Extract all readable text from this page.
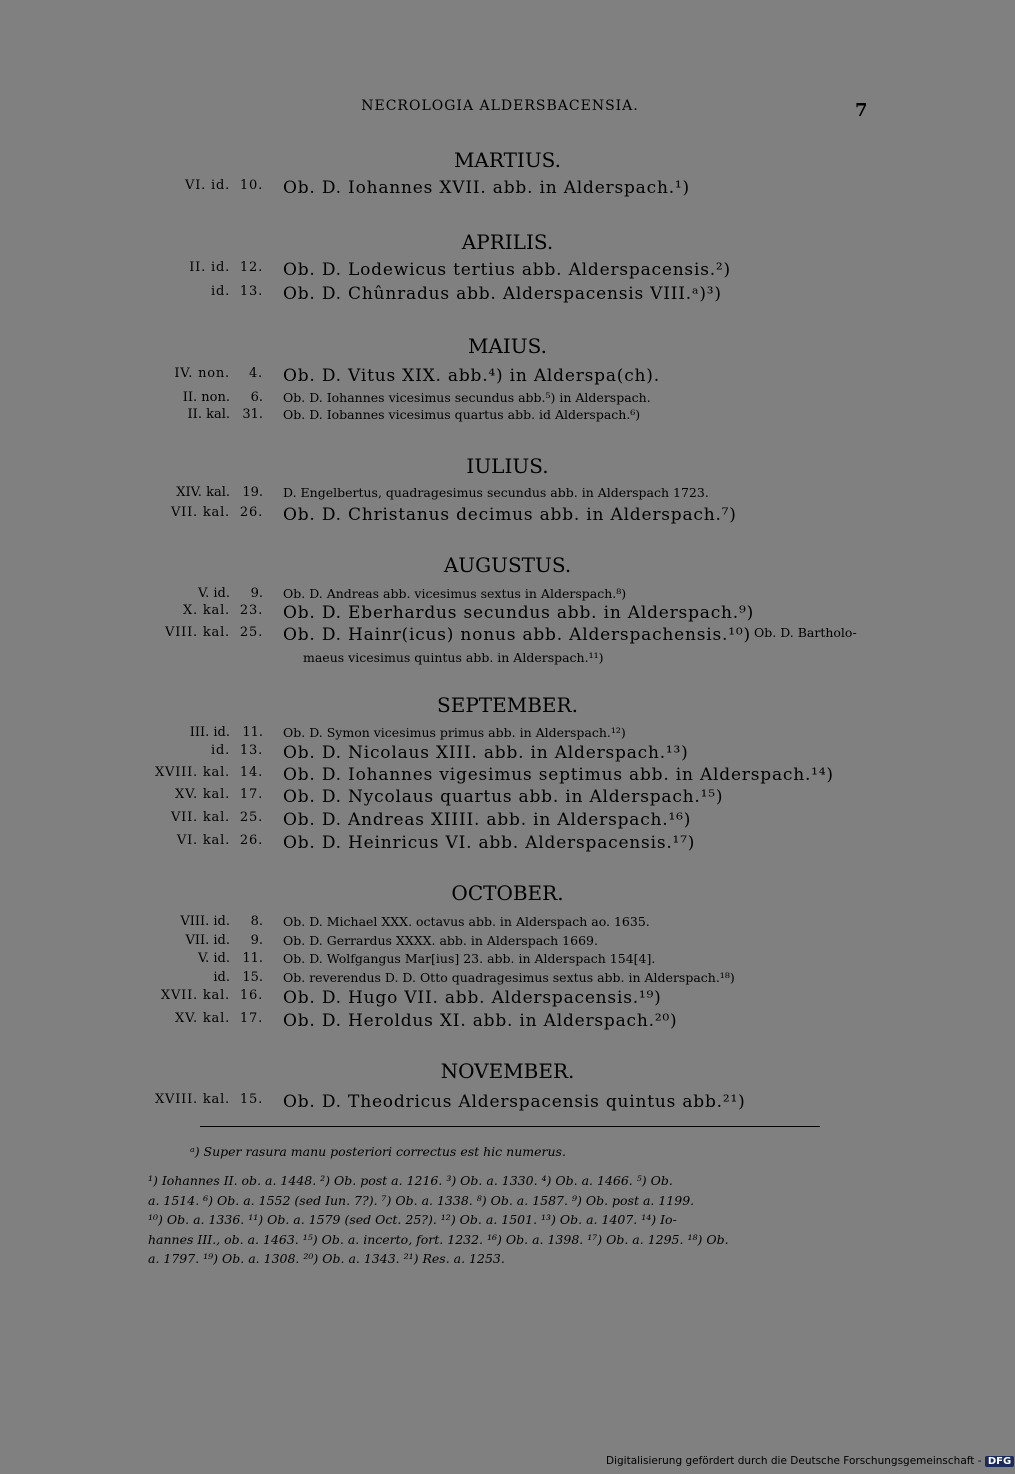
NECROLOGIA ALDERSBACENSIA.	7
MARTIUS.
VI. id. 10. Ob. D. Iohannes XVII. abb. in Alderspach.¹)
APRILIS.
II. id. 12. Ob. D. Lodewicus tertius abb. Alderspacensis.²)
id. 13. Ob. D. Chûnradus abb. Alderspacensis VIII.ᵃ)³)
MAIUS.
IV. non. 4. Ob. D. Vitus XIX. abb.⁴) in Alderspa(ch).
II. non. 6. Ob. D. Iohannes vicesimus secundus abb.⁵) in Alderspach.
II. kal. 31. Ob. D. Iobannes vicesimus quartus abb. id Alderspach.⁶)
IULIUS.
XIV. kal. 19. D. Engelbertus, quadragesimus secundus abb. in Alderspach 1723.
VII. kal. 26. Ob. D. Christanus decimus abb. in Alderspach.⁷)
AUGUSTUS.
V. id. 9. Ob. D. Andreas abb. vicesimus sextus in Alderspach.⁸)
X. kal. 23. Ob. D. Eberhardus secundus abb. in Alderspach.⁹)
VIII. kal. 25. Ob. D. Hainr(icus) nonus abb. Alderspachensis.¹⁰) Ob. D. Bartholo-
maeus vicesimus quintus abb. in Alderspach.¹¹)
SEPTEMBER.
III. id. 11. Ob. D. Symon vicesimus primus abb. in Alderspach.¹²)
id. 13. Ob. D. Nicolaus XIII. abb. in Alderspach.¹³)
XVIII. kal. 14. Ob. D. Iohannes vigesimus septimus abb. in Alderspach.¹⁴)
XV. kal. 17. Ob. D. Nycolaus quartus abb. in Alderspach.¹⁵)
VII. kal. 25. Ob. D. Andreas XIIII. abb. in Alderspach.¹⁶)
VI. kal. 26. Ob. D. Heinricus VI. abb. Alderspacensis.¹⁷)
OCTOBER.
VIII. id. 8. Ob. D. Michael XXX. octavus abb. in Alderspach ao. 1635.
VII. id. 9. Ob. D. Gerrardus XXXX. abb. in Alderspach 1669.
V. id. 11. Ob. D. Wolfgangus Mar[ius] 23. abb. in Alderspach 154[4].
id. 15. Ob. reverendus D. D. Otto quadragesimus sextus abb. in Alderspach.¹⁸)
XVII. kal. 16. Ob. D. Hugo VII. abb. Alderspacensis.¹⁹)
XV. kal. 17. Ob. D. Heroldus XI. abb. in Alderspach.²⁰)
NOVEMBER.
XVIII. kal. 15. Ob. D. Theodricus Alderspacensis quintus abb.²¹)
ᵃ) Super rasura manu posteriori correctus est hic numerus.
¹) Iohannes II. ob. a. 1448. ²) Ob. post a. 1216. ³) Ob. a. 1330. ⁴) Ob. a. 1466. ⁵) Ob.
a. 1514. ⁶) Ob. a. 1552 (sed Iun. 7?). ⁷) Ob. a. 1338. ⁸) Ob. a. 1587. ⁹) Ob. post a. 1199.
¹⁰) Ob. a. 1336. ¹¹) Ob. a. 1579 (sed Oct. 25?). ¹²) Ob. a. 1501. ¹³) Ob. a. 1407. ¹⁴) Io-
hannes III., ob. a. 1463. ¹⁵) Ob. a. incerto, fort. 1232. ¹⁶) Ob. a. 1398. ¹⁷) Ob. a. 1295. ¹⁸) Ob.
a. 1797. ¹⁹) Ob. a. 1308. ²⁰) Ob. a. 1343. ²¹) Res. a. 1253.
Digitalisierung gefördert durch die Deutsche Forschungsgemeinschaft - DFG
